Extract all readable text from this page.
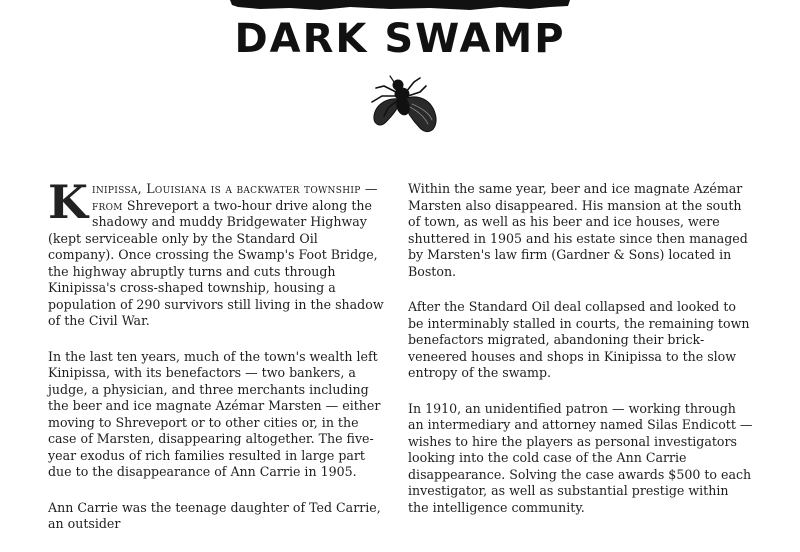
DARK SWAMP

Kinipissa, Louisiana is a backwater township — from Shreveport a two-hour drive along the shadowy and muddy Bridgewater Highway (kept serviceable only by the Standard Oil company). Once crossing the Swamp's Foot Bridge, the highway abruptly turns and cuts through Kinipissa's cross-shaped township, housing a population of 290 survivors still living in the shadow of the Civil War.

In the last ten years, much of the town's wealth left Kinipissa, with its benefactors — two bankers, a judge, a physician, and three merchants including the beer and ice magnate Azémar Marsten — either moving to Shreveport or to other cities or, in the case of Marsten, disappearing altogether. The five-year exodus of rich families resulted in large part due to the disappearance of Ann Carrie in 1905.

Ann Carrie was the teenage daughter of Ted Carrie, an outsider

Within the same year, beer and ice magnate Azémar Marsten also disappeared. His mansion at the south of town, as well as his beer and ice houses, were shuttered in 1905 and his estate since then managed by Marsten's law firm (Gardner & Sons) located in Boston.

After the Standard Oil deal collapsed and looked to be interminably stalled in courts, the remaining town benefactors migrated, abandoning their brick-veneered houses and shops in Kinipissa to the slow entropy of the swamp.

In 1910, an unidentified patron — working through an intermediary and attorney named Silas Endicott — wishes to hire the players as personal investigators looking into the cold case of the Ann Carrie disappearance. Solving the case awards $500 to each investigator, as well as substantial prestige within the intelligence community.
